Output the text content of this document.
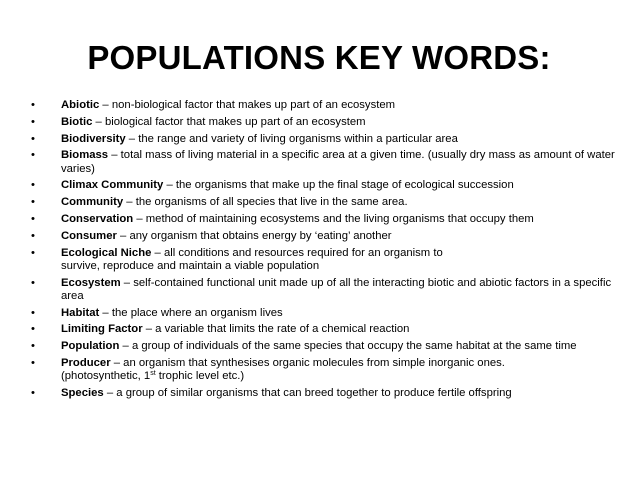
POPULATIONS KEY WORDS:
•	Abiotic – non-biological factor that makes up part of an ecosystem
•	Biotic – biological factor that makes up part of an ecosystem
•	Biodiversity – the range and variety of living organisms within a particular area
•	Biomass – total mass of living material in a specific area at a given time. (usually dry mass as amount of water varies)
•	Climax Community – the organisms that make up the final stage of ecological succession
•	Community – the organisms of all species that live in the same area.
•	Conservation – method of maintaining ecosystems and the living organisms that occupy them
•	Consumer – any organism that obtains energy by ‘eating’ another
•	Ecological Niche – all conditions and resources required for an organism to
survive, reproduce and maintain a viable population
•	Ecosystem – self-contained functional unit made up of all the interacting biotic and abiotic factors in a specific area
•	Habitat – the place where an organism lives
•	Limiting Factor – a variable that limits the rate of a chemical reaction
•	Population – a group of individuals of the same species that occupy the same habitat at the same time
•	Producer – an organism that synthesises organic molecules from simple inorganic ones.
(photosynthetic, 1st trophic level etc.)
•	Species – a group of similar organisms that can breed together to produce fertile offspring
